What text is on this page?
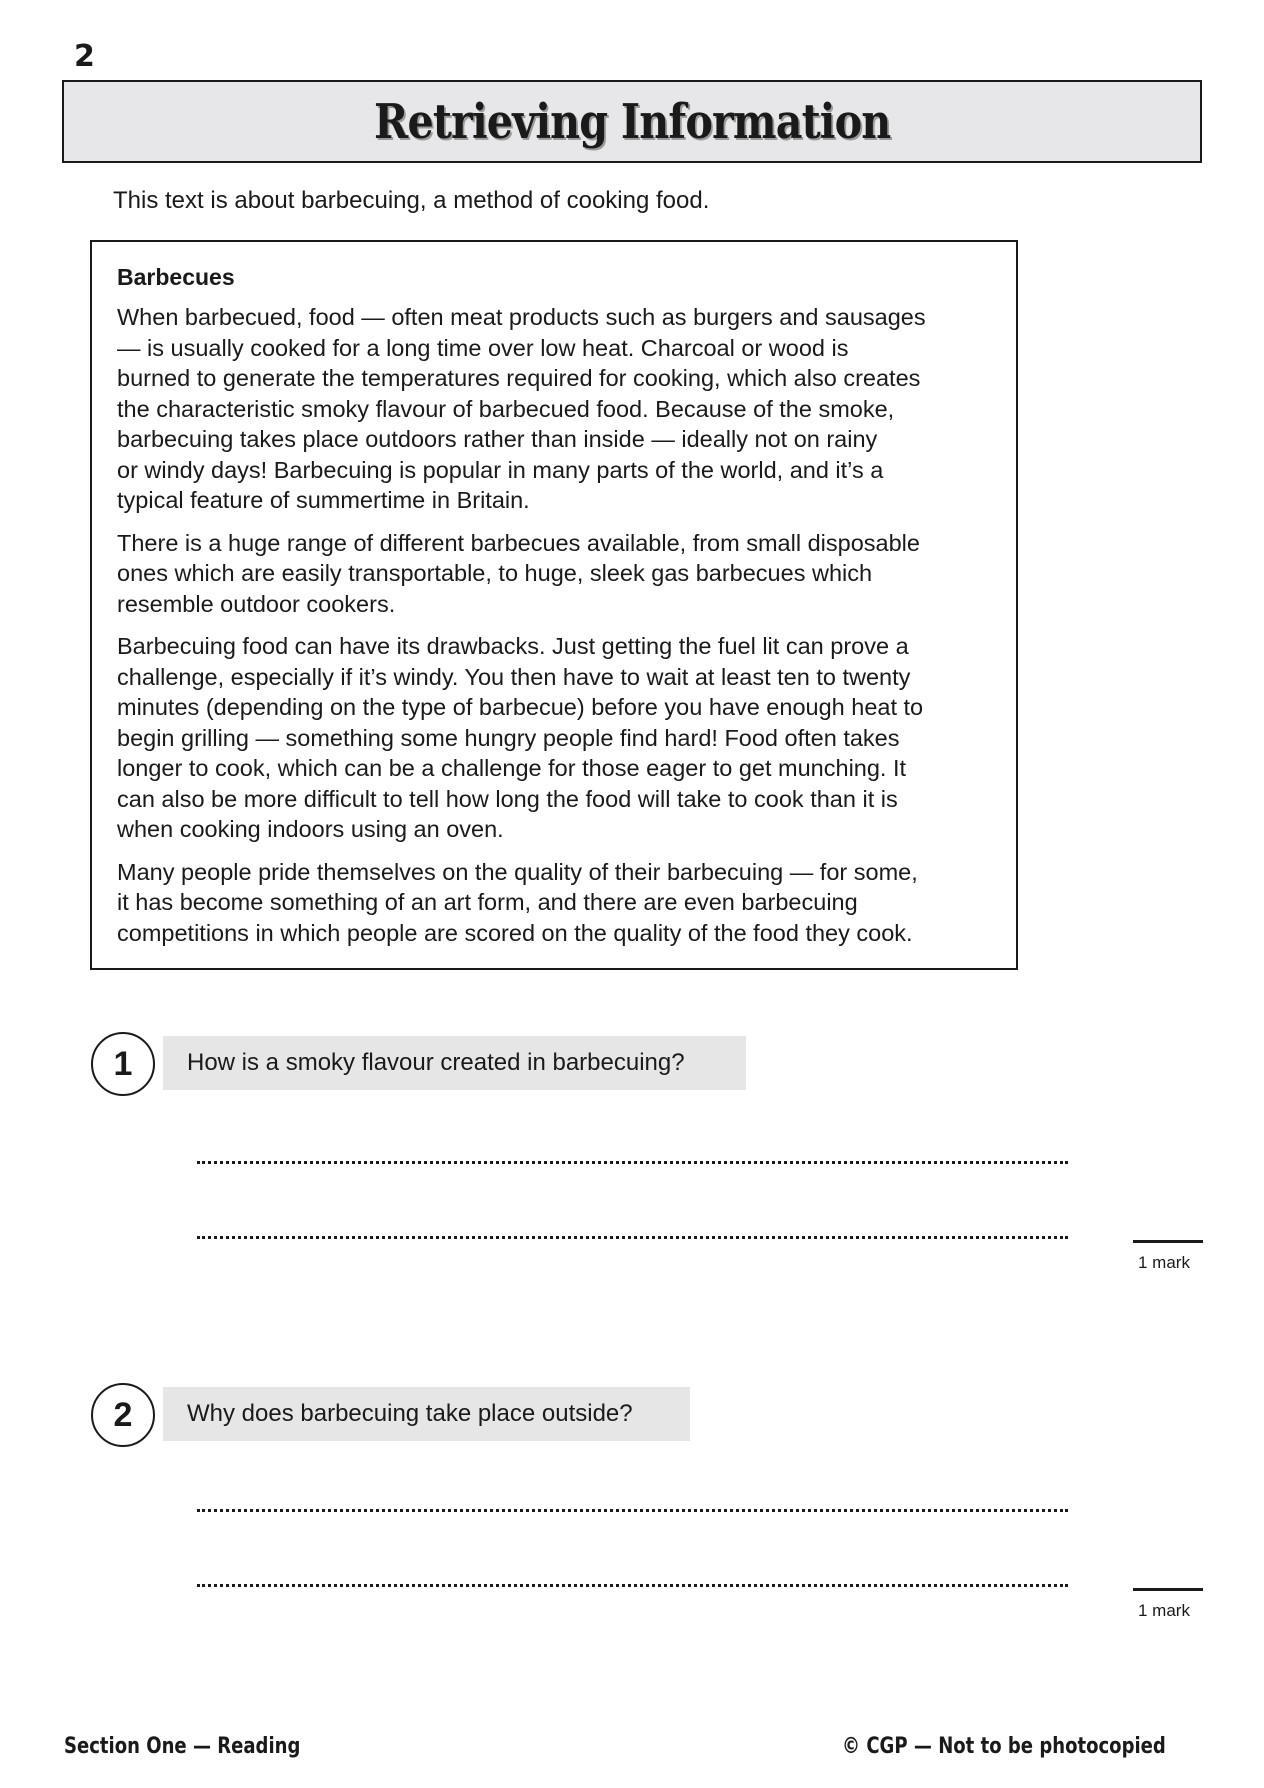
2
Retrieving Information
This text is about barbecuing, a method of cooking food.
Barbecues

When barbecued, food — often meat products such as burgers and sausages
— is usually cooked for a long time over low heat. Charcoal or wood is
burned to generate the temperatures required for cooking, which also creates
the characteristic smoky flavour of barbecued food. Because of the smoke,
barbecuing takes place outdoors rather than inside — ideally not on rainy
or windy days! Barbecuing is popular in many parts of the world, and it’s a
typical feature of summertime in Britain.

There is a huge range of different barbecues available, from small disposable
ones which are easily transportable, to huge, sleek gas barbecues which
resemble outdoor cookers.

Barbecuing food can have its drawbacks. Just getting the fuel lit can prove a
challenge, especially if it’s windy. You then have to wait at least ten to twenty
minutes (depending on the type of barbecue) before you have enough heat to
begin grilling — something some hungry people find hard! Food often takes
longer to cook, which can be a challenge for those eager to get munching. It
can also be more difficult to tell how long the food will take to cook than it is
when cooking indoors using an oven.

Many people pride themselves on the quality of their barbecuing — for some,
it has become something of an art form, and there are even barbecuing
competitions in which people are scored on the quality of the food they cook.

1 How is a smoky flavour created in barbecuing?
1 mark
2 Why does barbecuing take place outside?
1 mark
Section One — Reading	© CGP — Not to be photocopied
